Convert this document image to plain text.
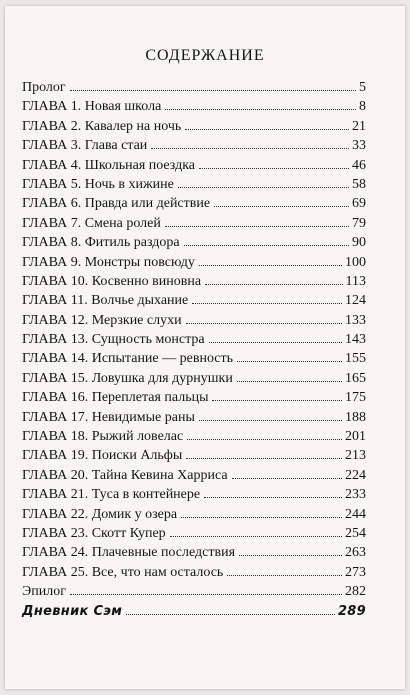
СОДЕРЖАНИЕ
Пролог	5
ГЛАВА 1. Новая школа	8
ГЛАВА 2. Кавалер на ночь	21
ГЛАВА 3. Глава стаи	33
ГЛАВА 4. Школьная поездка	46
ГЛАВА 5. Ночь в хижине	58
ГЛАВА 6. Правда или действие	69
ГЛАВА 7. Смена ролей	79
ГЛАВА 8. Фитиль раздора	90
ГЛАВА 9. Монстры повсюду	100
ГЛАВА 10. Косвенно виновна	113
ГЛАВА 11. Волчье дыхание	124
ГЛАВА 12. Мерзкие слухи	133
ГЛАВА 13. Сущность монстра	143
ГЛАВА 14. Испытание — ревность	155
ГЛАВА 15. Ловушка для дурнушки	165
ГЛАВА 16. Переплетая пальцы	175
ГЛАВА 17. Невидимые раны	188
ГЛАВА 18. Рыжий ловелас	201
ГЛАВА 19. Поиски Альфы	213
ГЛАВА 20. Тайна Кевина Харриса	224
ГЛАВА 21. Туса в контейнере	233
ГЛАВА 22. Домик у озера	244
ГЛАВА 23. Скотт Купер	254
ГЛАВА 24. Плачевные последствия	263
ГЛАВА 25. Все, что нам осталось	273
Эпилог	282
Дневник Сэм	289
